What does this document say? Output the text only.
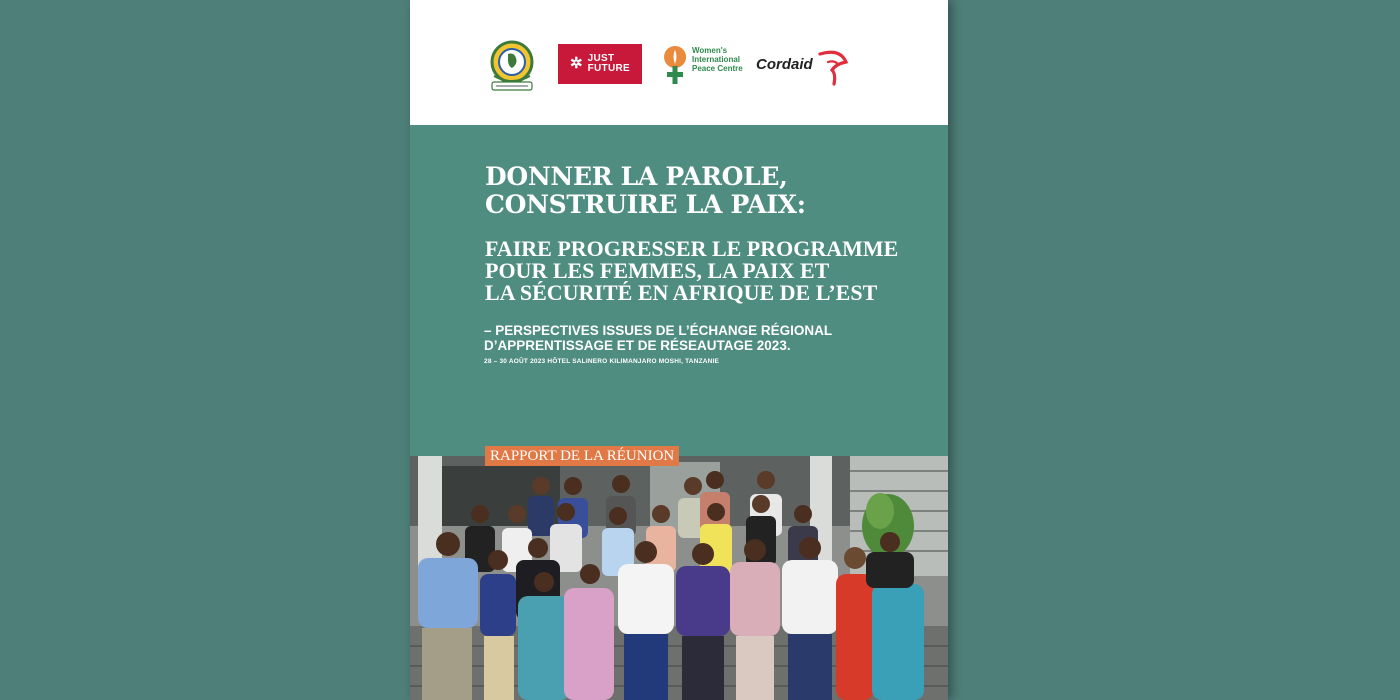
✲ JUST
FUTURE
Women's
International
Peace Centre Cordaid
DONNER LA PAROLE,
CONSTRUIRE LA PAIX:
FAIRE PROGRESSER LE PROGRAMME
POUR LES FEMMES, LA PAIX ET
LA SÉCURITÉ EN AFRIQUE DE L’EST

– PERSPECTIVES ISSUES DE L’ÉCHANGE RÉGIONAL
D’APPRENTISSAGE ET DE RÉSEAUTAGE 2023.

28 – 30 AOÛT 2023 HÔTEL SALINERO KILIMANJARO MOSHI, TANZANIE
RAPPORT DE LA RÉUNION
